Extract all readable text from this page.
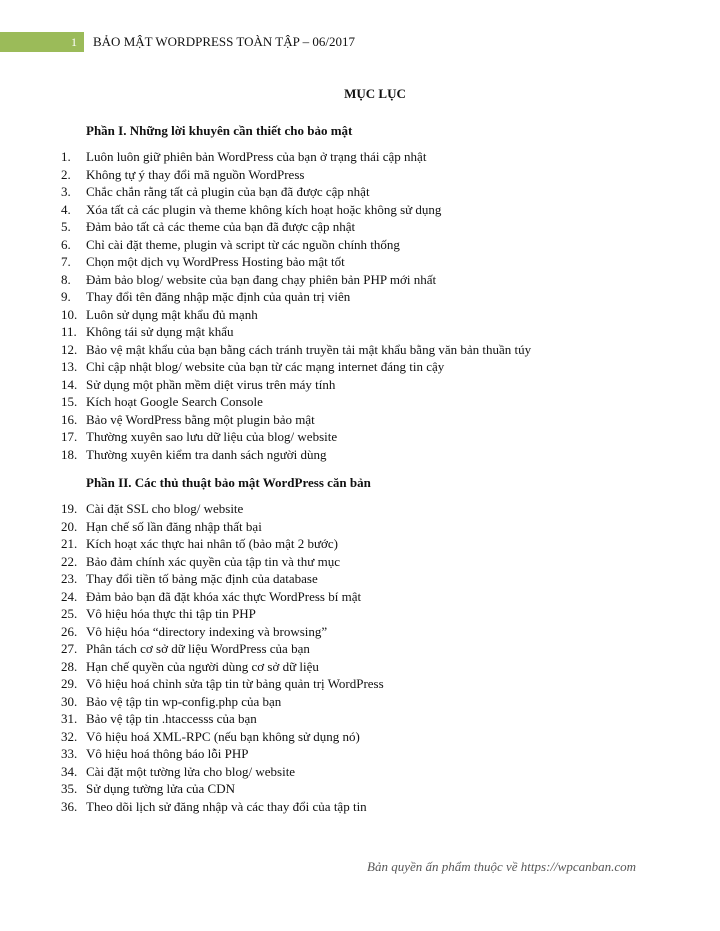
1 BẢO MẬT WORDPRESS TOÀN TẬP – 06/2017
MỤC LỤC
Phần I. Những lời khuyên cần thiết cho bảo mật
1.	Luôn luôn giữ phiên bản WordPress của bạn ở trạng thái cập nhật
2.	Không tự ý thay đổi mã nguồn WordPress
3.	Chắc chắn rằng tất cả plugin của bạn đã được cập nhật
4.	Xóa tất cả các plugin và theme không kích hoạt hoặc không sử dụng
5.	Đảm bảo tất cả các theme của bạn đã được cập nhật
6.	Chỉ cài đặt theme, plugin và script từ các nguồn chính thống
7.	Chọn một dịch vụ WordPress Hosting bảo mật tốt
8.	Đảm bảo blog/ website của bạn đang chạy phiên bản PHP mới nhất
9.	Thay đổi tên đăng nhập mặc định của quản trị viên
10. Luôn sử dụng mật khẩu đủ mạnh
11. Không tái sử dụng mật khẩu
12. Bảo vệ mật khẩu của bạn bằng cách tránh truyền tải mật khẩu bằng văn bản thuần túy
13. Chỉ cập nhật blog/ website của bạn từ các mạng internet đáng tin cậy
14. Sử dụng một phần mềm diệt virus trên máy tính
15. Kích hoạt Google Search Console
16. Bảo vệ WordPress bằng một plugin bảo mật
17. Thường xuyên sao lưu dữ liệu của blog/ website
18. Thường xuyên kiểm tra danh sách người dùng
Phần II. Các thủ thuật bảo mật WordPress căn bản
19. Cài đặt SSL cho blog/ website
20. Hạn chế số lần đăng nhập thất bại
21. Kích hoạt xác thực hai nhân tố (bảo mật 2 bước)
22. Bảo đảm chính xác quyền của tập tin và thư mục
23. Thay đổi tiền tố bảng mặc định của database
24. Đảm bảo bạn đã đặt khóa xác thực WordPress bí mật
25. Vô hiệu hóa thực thi tập tin PHP
26. Vô hiệu hóa “directory indexing và browsing”
27. Phân tách cơ sở dữ liệu WordPress của bạn
28. Hạn chế quyền của người dùng cơ sở dữ liệu
29. Vô hiệu hoá chỉnh sửa tập tin từ bảng quản trị WordPress
30. Bảo vệ tập tin wp-config.php của bạn
31. Bảo vệ tập tin .htaccesss của bạn
32. Vô hiệu hoá XML-RPC (nếu bạn không sử dụng nó)
33. Vô hiệu hoá thông báo lỗi PHP
34. Cài đặt một tường lửa cho blog/ website
35. Sử dụng tường lửa của CDN
36. Theo dõi lịch sử đăng nhập và các thay đổi của tập tin
Bản quyền ấn phẩm thuộc về https://wpcanban.com
